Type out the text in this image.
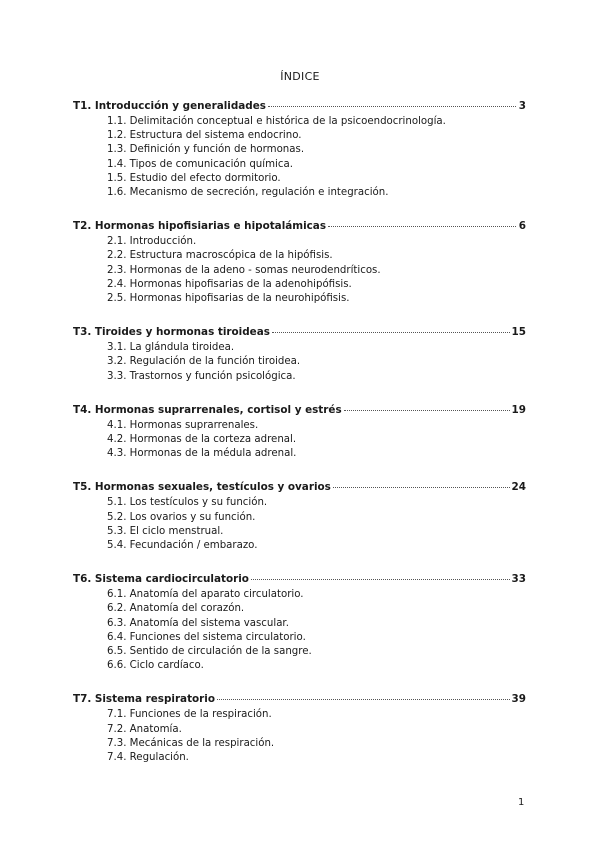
ÍNDICE
T1. Introducción y generalidades	3
1.1. Delimitación conceptual e histórica de la psicoendocrinología.
1.2. Estructura del sistema endocrino.
1.3. Definición y función de hormonas.
1.4. Tipos de comunicación química.
1.5. Estudio del efecto dormitorio.
1.6. Mecanismo de secreción, regulación e integración.
T2. Hormonas hipofisiarias e hipotalámicas	6
2.1. Introducción.
2.2. Estructura macroscópica de la hipófisis.
2.3. Hormonas de la adeno - somas neurodendríticos.
2.4. Hormonas hipofisarias de la adenohipófisis.
2.5. Hormonas hipofisarias de la neurohipófisis.
T3. Tiroides y hormonas tiroideas	15
3.1. La glándula tiroidea.
3.2. Regulación de la función tiroidea.
3.3. Trastornos y función psicológica.
T4. Hormonas suprarrenales, cortisol y estrés	19
4.1. Hormonas suprarrenales.
4.2. Hormonas de la corteza adrenal.
4.3. Hormonas de la médula adrenal.
T5. Hormonas sexuales, testículos y ovarios	24
5.1. Los testículos y su función.
5.2. Los ovarios y su función.
5.3. El ciclo menstrual.
5.4. Fecundación / embarazo.
T6. Sistema cardiocirculatorio	33
6.1. Anatomía del aparato circulatorio.
6.2. Anatomía del corazón.
6.3. Anatomía del sistema vascular.
6.4. Funciones del sistema circulatorio.
6.5. Sentido de circulación de la sangre.
6.6. Ciclo cardíaco.
T7. Sistema respiratorio	39
7.1. Funciones de la respiración.
7.2. Anatomía.
7.3. Mecánicas de la respiración.
7.4. Regulación.
1
